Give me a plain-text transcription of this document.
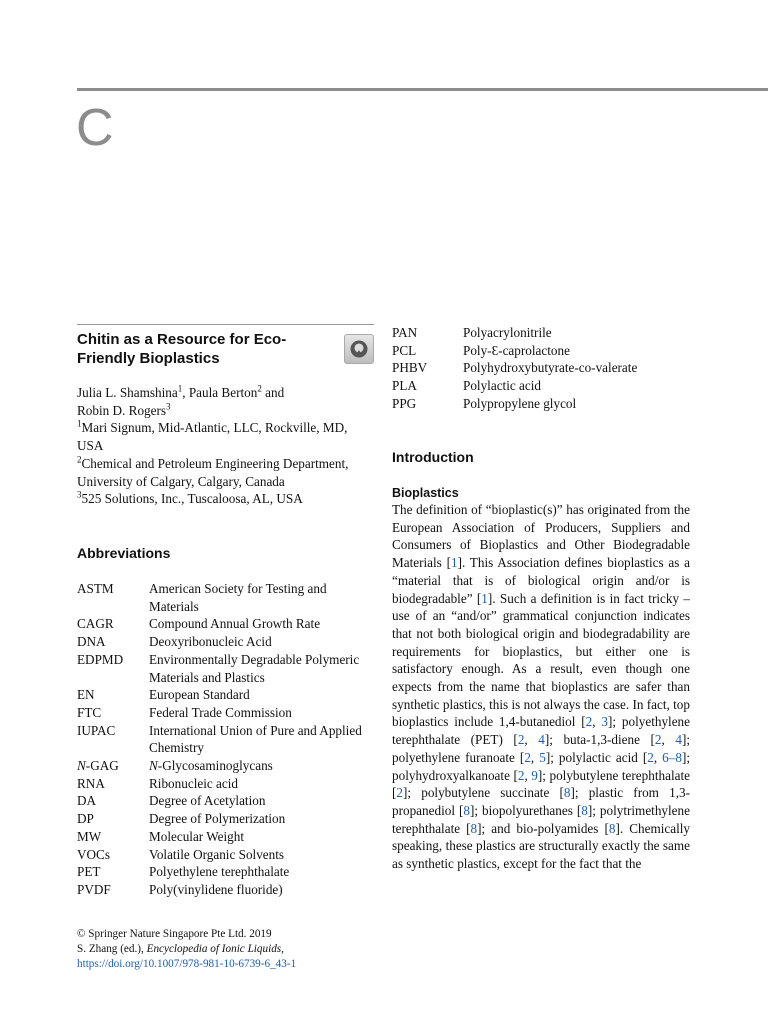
C
Chitin as a Resource for Eco-Friendly Bioplastics

Julia L. Shamshina$^1$, Paula Berton$^2$ and

Robin D. Rogers$^3$

$^1$Mari Signum, Mid-Atlantic, LLC, Rockville, MD, USA

$^2$Chemical and Petroleum Engineering Department, University of Calgary, Calgary, Canada

$^3$525 Solutions, Inc., Tuscaloosa, AL, USA

Abbreviations
ASTM	American Society for Testing and Materials
CAGR	Compound Annual Growth Rate
DNA	Deoxyribonucleic Acid
EDPMD	Environmentally Degradable Polymeric Materials and Plastics
EN	European Standard
FTC	Federal Trade Commission
IUPAC	International Union of Pure and Applied Chemistry
N-GAG	N-Glycosaminoglycans
RNA	Ribonucleic acid
DA	Degree of Acetylation
DP	Degree of Polymerization
MW	Molecular Weight
VOCs	Volatile Organic Solvents
PET	Polyethylene terephthalate
PVDF	Poly(vinylidene fluoride)
PAN	Polyacrylonitrile
PCL	Poly-Ɛ-caprolactone
PHBV	Polyhydroxybutyrate-co-valerate
PLA	Polylactic acid
PPG	Polypropylene glycol
Introduction
Bioplastics

The definition of “bioplastic(s)” has originated from the European Association of Producers, Suppliers and Consumers of Bioplastics and Other Biodegradable Materials [1]. This Association defines bioplastics as a “material that is of biological origin and/or is biodegradable” [1]. Such a definition is in fact tricky – use of an “and/or” grammatical conjunction indicates that not both biological origin and biodegradability are requirements for bioplastics, but either one is satisfactory enough. As a result, even though one expects from the name that bioplastics are safer than synthetic plastics, this is not always the case. In fact, top bioplastics include 1,4-butanediol [2, 3]; polyethylene terephthalate (PET) [2, 4]; buta-1,3-diene [2, 4]; polyethylene furanoate [2, 5]; polylactic acid [2, 6–8]; polyhydroxyalkanoate [2, 9]; polybutylene terephthalate [2]; polybutylene succinate [8]; plastic from 1,3-propanediol [8]; biopolyurethanes [8]; polytrimethylene terephthalate [8]; and bio-polyamides [8]. Chemically speaking, these plastics are structurally exactly the same as synthetic plastics, except for the fact that the

© Springer Nature Singapore Pte Ltd. 2019

S. Zhang (ed.), Encyclopedia of Ionic Liquids,

https://doi.org/10.1007/978-981-10-6739-6_43-1
